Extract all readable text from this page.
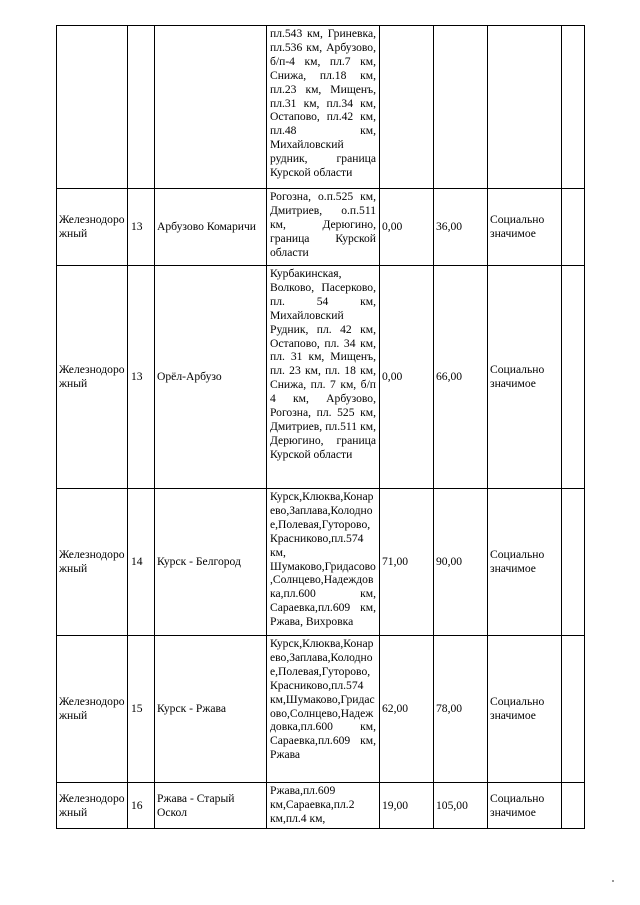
			пл.543 км, Гриневка, пл.536 км, Арбузово, б/п-4 км, пл.7 км, Снижа, пл.18 км, пл.23 км, Мищенъ, пл.31 км, пл.34 км, Остапово, пл.42 км, пл.48 км, Михайловский рудник, граница Курской области				
Железнодорожный	13	Арбузово Комаричи	Рогозна, о.п.525 км, Дмитриев, о.п.511 км, Дерюгино, граница Курской области	0,00	36,00	Социально значимое	
Железнодорожный	13	Орёл-Арбузо	Курбакинская, Волково, Пасерково, пл. 54 км, Михайловский Рудник, пл. 42 км, Остапово, пл. 34 км, пл. 31 км, Мищенъ, пл. 23 км, пл. 18 км, Снижа, пл. 7 км, б/п 4 км, Арбузово, Рогозна, пл. 525 км, Дмитриев, пл.511 км, Дерюгино, граница Курской области	0,00	66,00	Социально значимое	
Железнодорожный	14	Курск - Белгород	Курск,Клюква,Конарево,Заплава,Колодное,Полевая,Гуторово,Красниково,пл.574 км, Шумаково,Гридасово,Солнцево,Надеждовка,пл.600 км, Сараевка,пл.609 км, Ржава, Вихровка	71,00	90,00	Социально значимое	
Железнодорожный	15	Курск - Ржава	Курск,Клюква,Конарево,Заплава,Колодное,Полевая,Гуторово,Красниково,пл.574 км,Шумаково,Гридасово,Солнцево,Надеждовка,пл.600 км, Сараевка,пл.609 км, Ржава	62,00	78,00	Социально значимое	
Железнодорожный	16	Ржава - Старый Оскол	Ржава,пл.609 км,Сараевка,пл.2 км,пл.4 км,	19,00	105,00	Социально значимое	
